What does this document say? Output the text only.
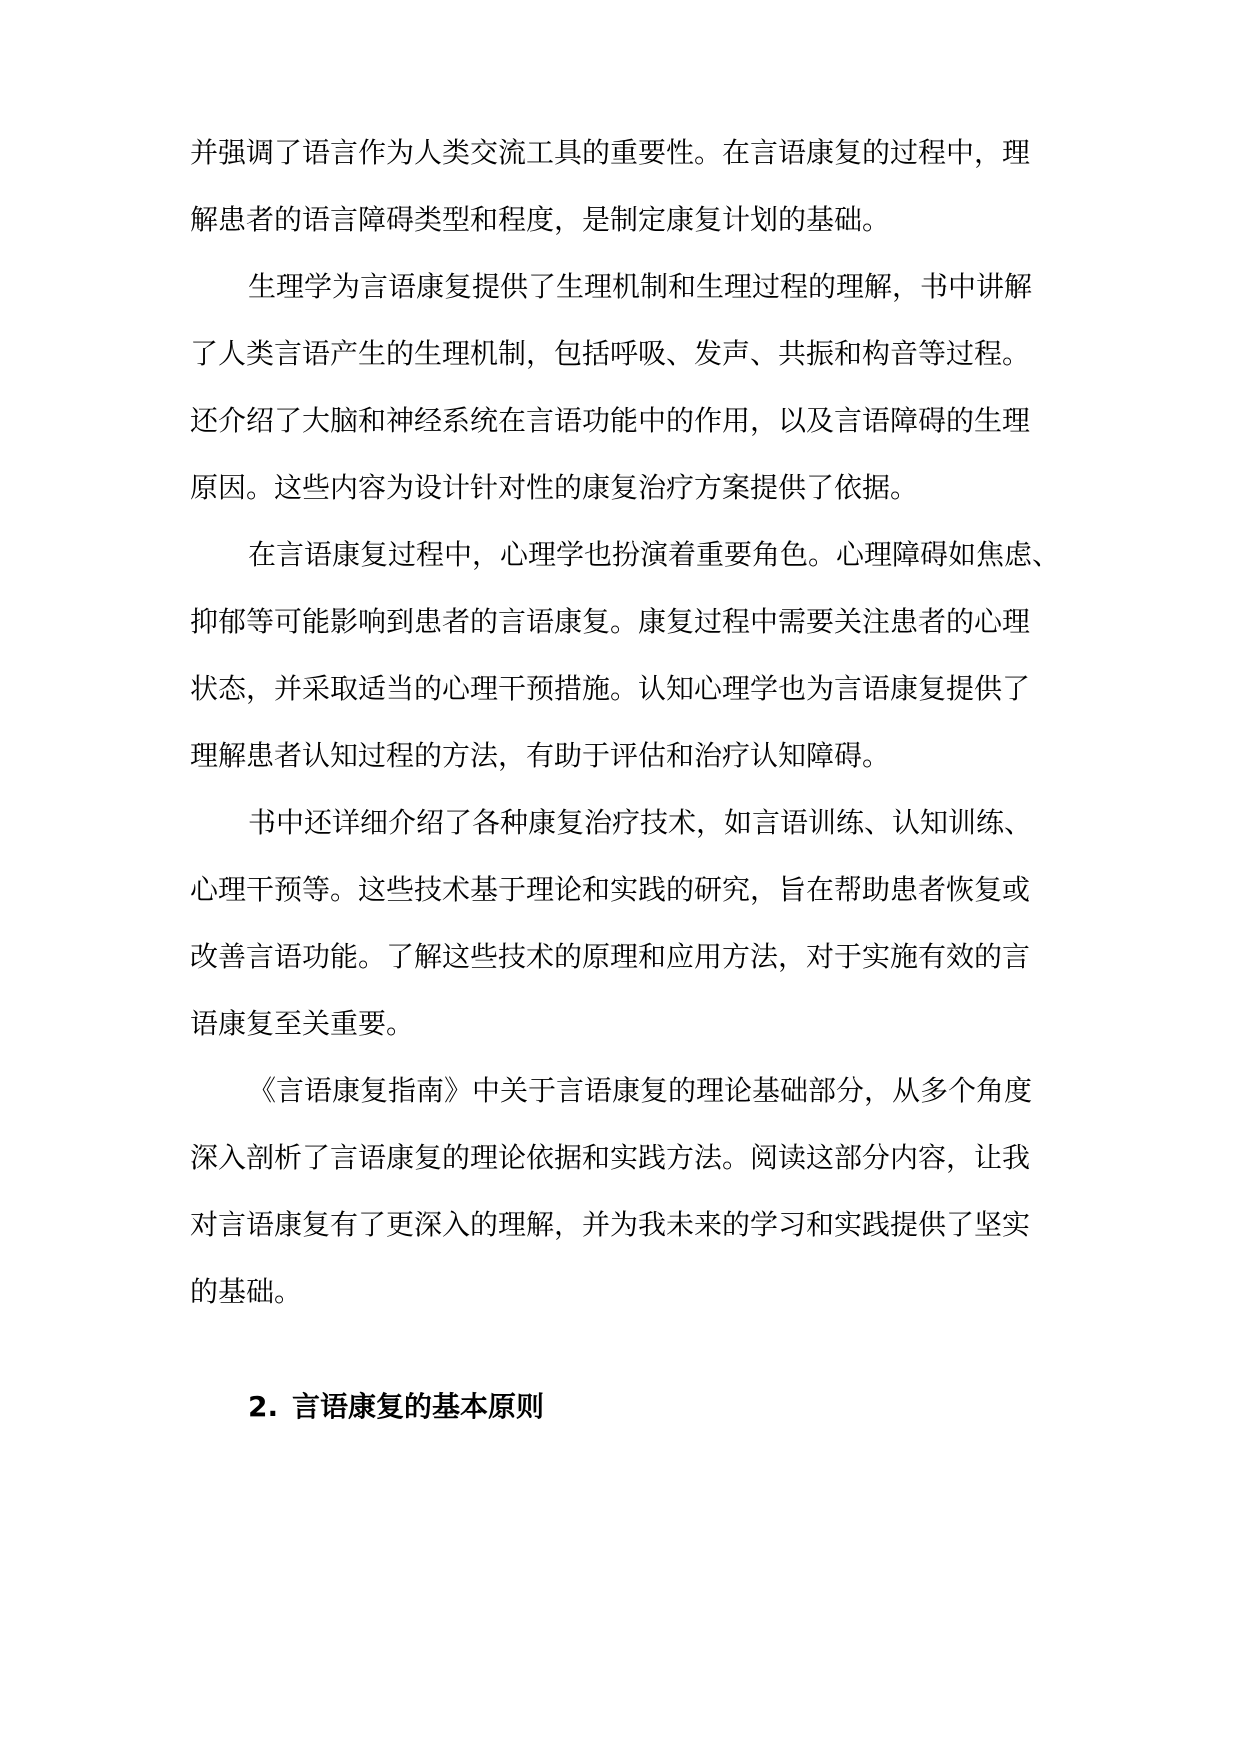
并强调了语言作为人类交流工具的重要性。在言语康复的过程中，理
解患者的语言障碍类型和程度，是制定康复计划的基础。
生理学为言语康复提供了生理机制和生理过程的理解，书中讲解
了人类言语产生的生理机制，包括呼吸、发声、共振和构音等过程。
还介绍了大脑和神经系统在言语功能中的作用，以及言语障碍的生理
原因。这些内容为设计针对性的康复治疗方案提供了依据。
在言语康复过程中，心理学也扮演着重要角色。心理障碍如焦虑、
抑郁等可能影响到患者的言语康复。康复过程中需要关注患者的心理
状态，并采取适当的心理干预措施。认知心理学也为言语康复提供了
理解患者认知过程的方法，有助于评估和治疗认知障碍。
书中还详细介绍了各种康复治疗技术，如言语训练、认知训练、
心理干预等。这些技术基于理论和实践的研究，旨在帮助患者恢复或
改善言语功能。了解这些技术的原理和应用方法，对于实施有效的言
语康复至关重要。
《言语康复指南》中关于言语康复的理论基础部分，从多个角度
深入剖析了言语康复的理论依据和实践方法。阅读这部分内容，让我
对言语康复有了更深入的理解，并为我未来的学习和实践提供了坚实
的基础。
2. 言语康复的基本原则
